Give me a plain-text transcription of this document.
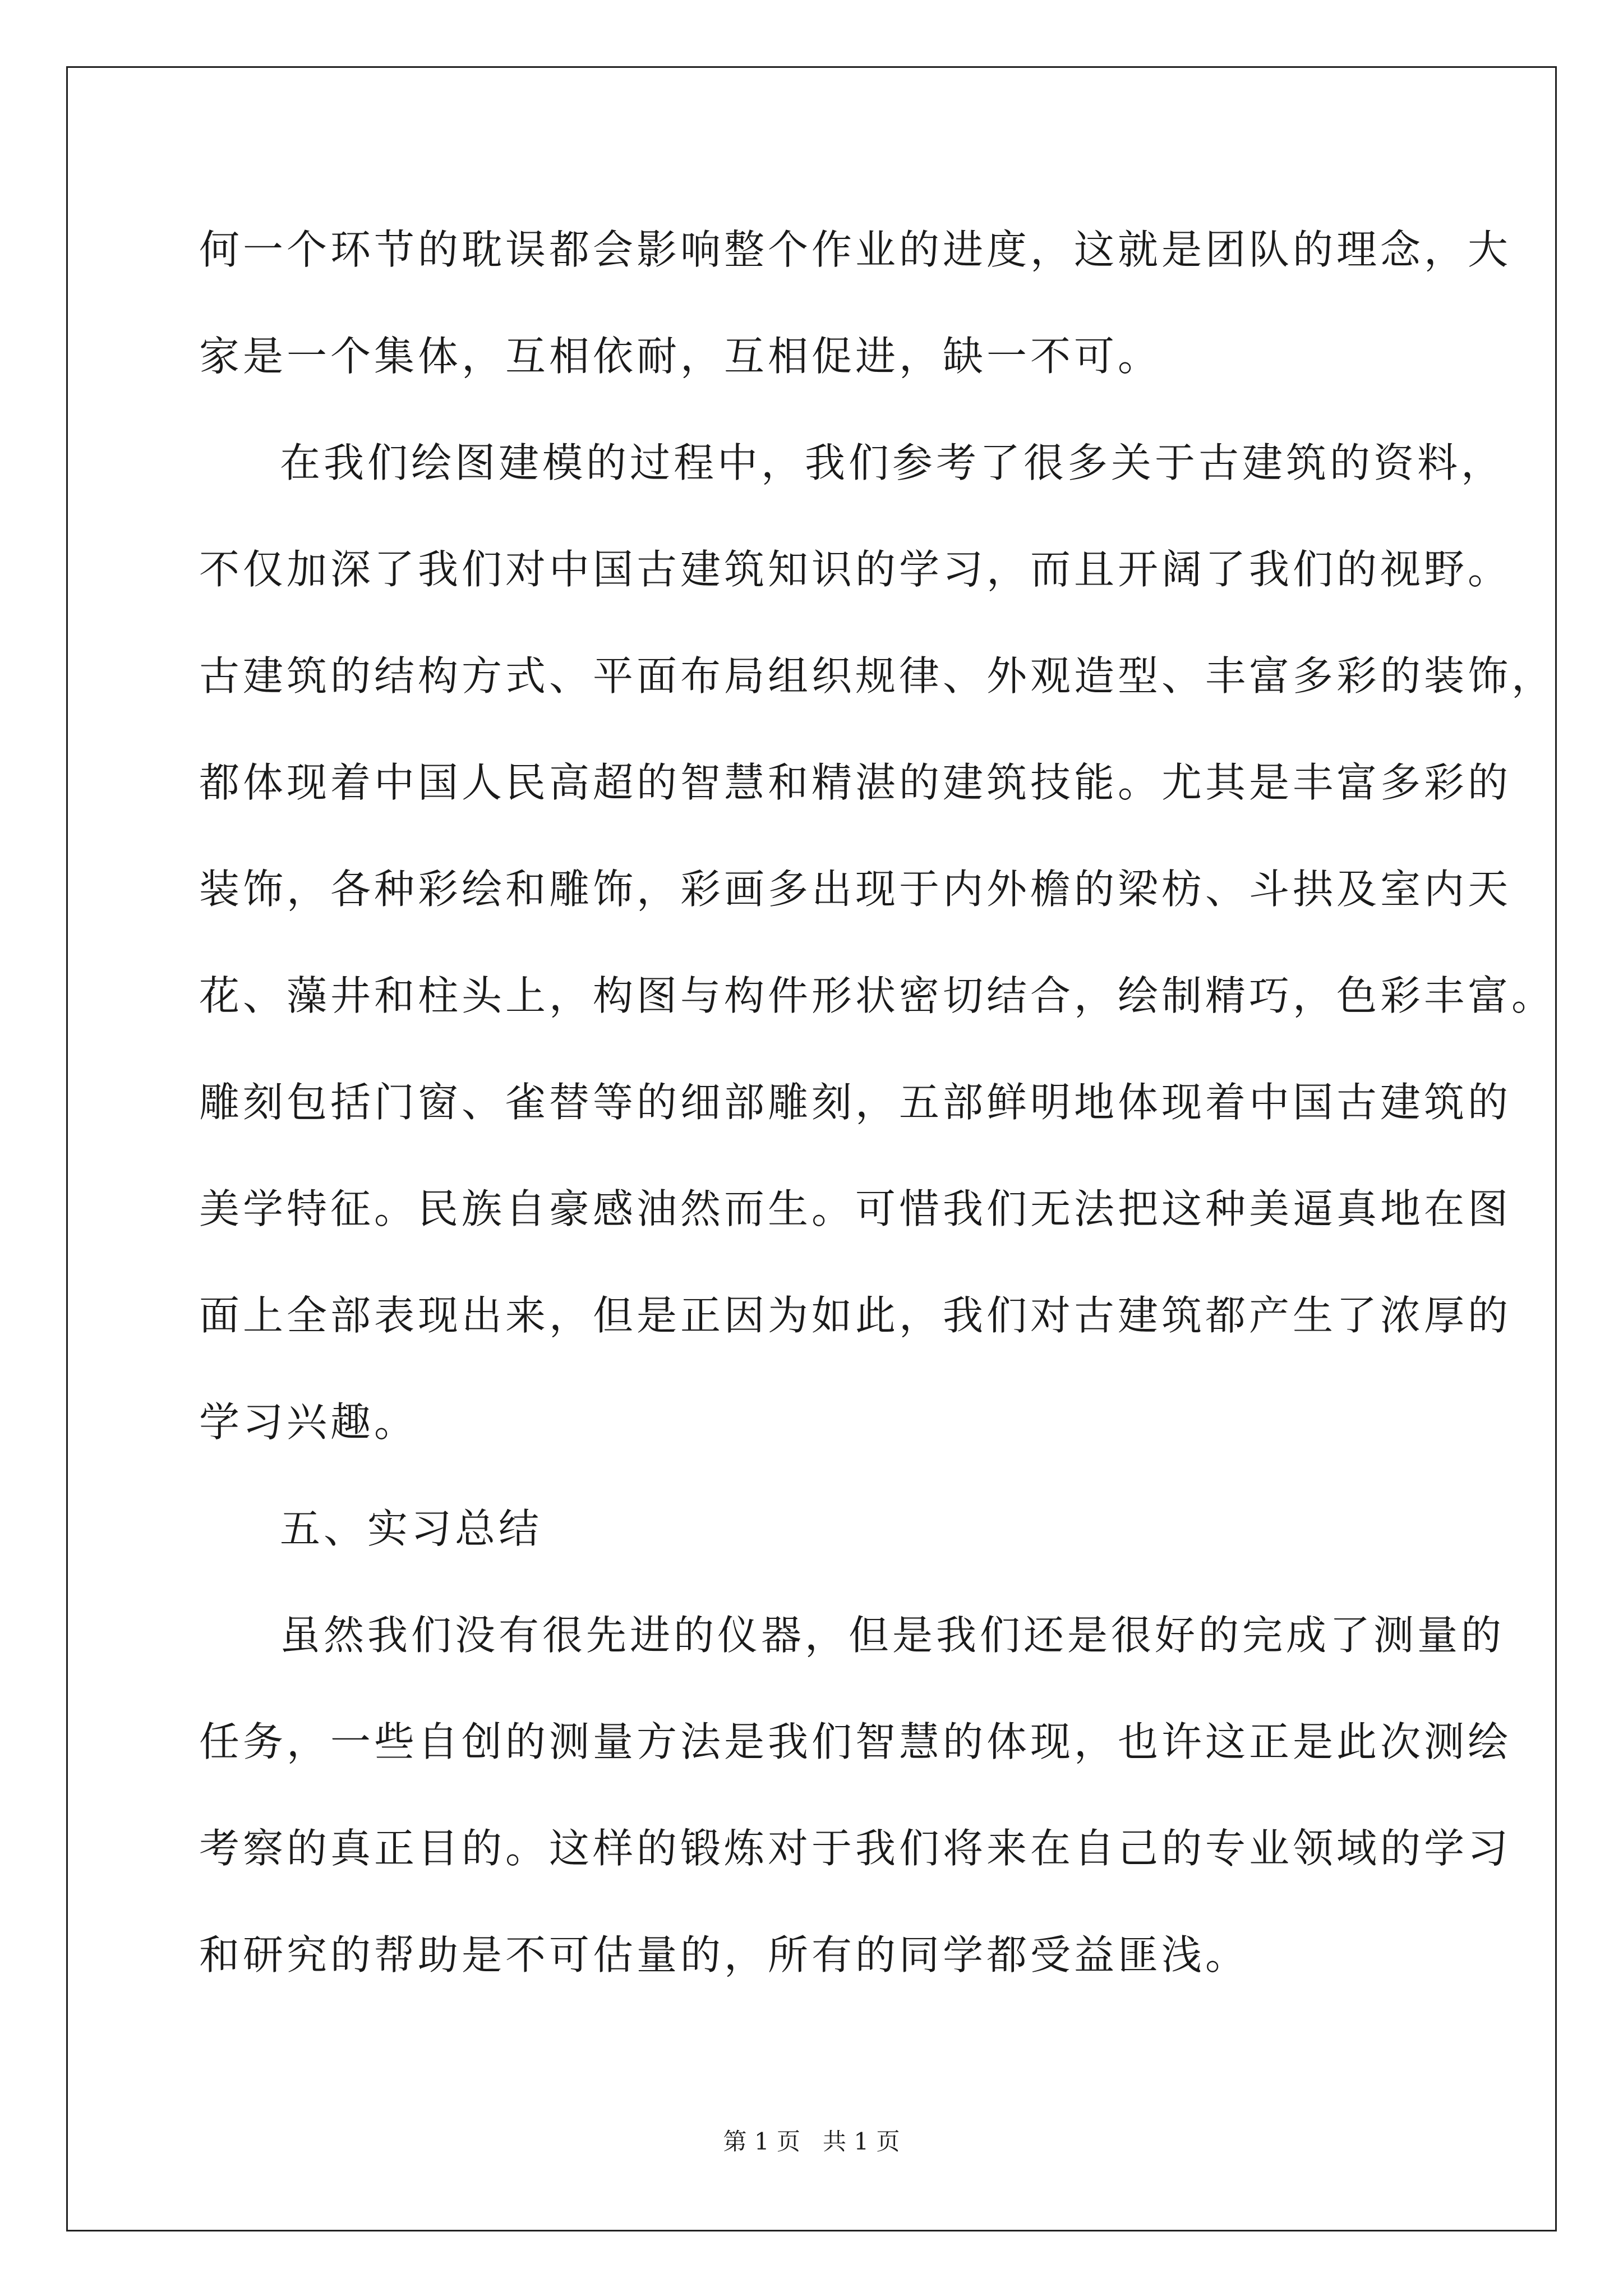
何一个环节的耽误都会影响整个作业的进度，这就是团队的理念，大
家是一个集体，互相依耐，互相促进，缺一不可。
在我们绘图建模的过程中，我们参考了很多关于古建筑的资料，
不仅加深了我们对中国古建筑知识的学习，而且开阔了我们的视野。
古建筑的结构方式、平面布局组织规律、外观造型、丰富多彩的装饰，
都体现着中国人民高超的智慧和精湛的建筑技能。尤其是丰富多彩的
装饰，各种彩绘和雕饰，彩画多出现于内外檐的梁枋、斗拱及室内天
花、藻井和柱头上，构图与构件形状密切结合，绘制精巧，色彩丰富。
雕刻包括门窗、雀替等的细部雕刻，五部鲜明地体现着中国古建筑的
美学特征。民族自豪感油然而生。可惜我们无法把这种美逼真地在图
面上全部表现出来，但是正因为如此，我们对古建筑都产生了浓厚的
学习兴趣。
五、实习总结
虽然我们没有很先进的仪器，但是我们还是很好的完成了测量的
任务，一些自创的测量方法是我们智慧的体现，也许这正是此次测绘
考察的真正目的。这样的锻炼对于我们将来在自己的专业领域的学习
和研究的帮助是不可估量的，所有的同学都受益匪浅。
第 1 页   共 1 页
